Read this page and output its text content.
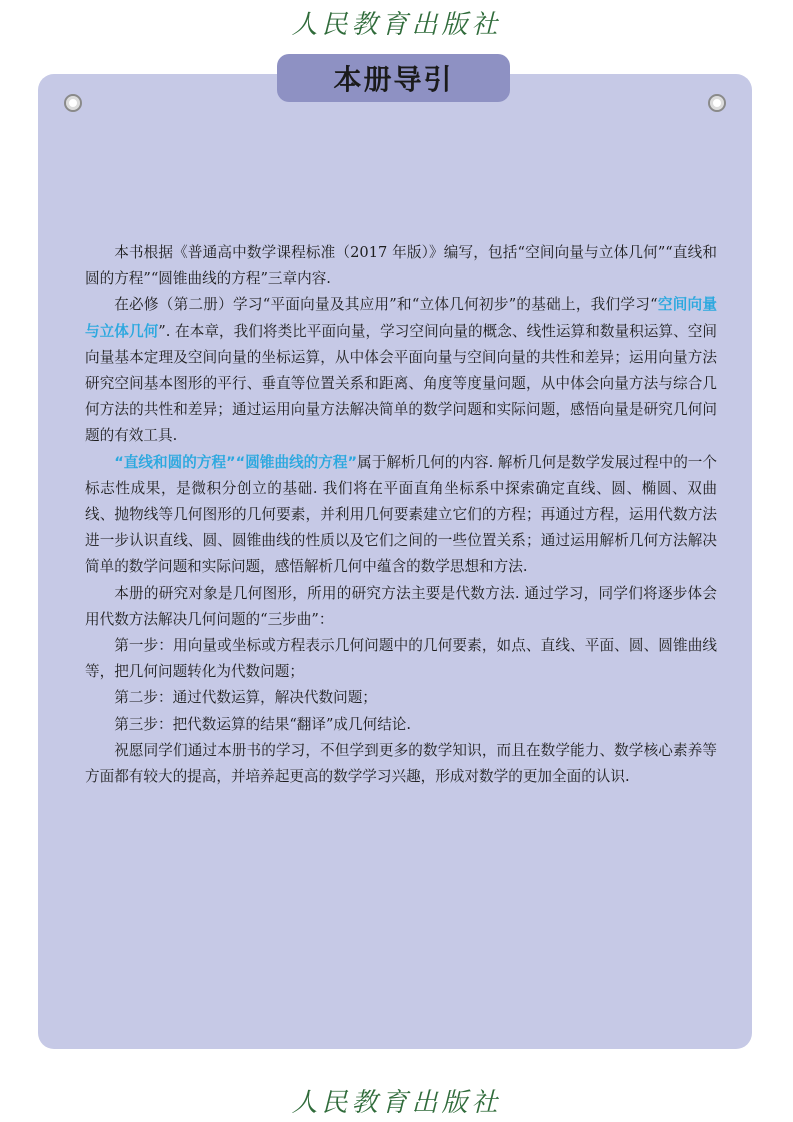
人民教育出版社
本册导引

本书根据《普通高中数学课程标准（2017 年版）》编写，包括“空间向量与立体几何”“直线和圆的方程”“圆锥曲线的方程”三章内容.

在必修（第二册）学习“平面向量及其应用”和“立体几何初步”的基础上，我们学习“空间向量与立体几何”. 在本章，我们将类比平面向量，学习空间向量的概念、线性运算和数量积运算、空间向量基本定理及空间向量的坐标运算，从中体会平面向量与空间向量的共性和差异；运用向量方法研究空间基本图形的平行、垂直等位置关系和距离、角度等度量问题，从中体会向量方法与综合几何方法的共性和差异；通过运用向量方法解决简单的数学问题和实际问题，感悟向量是研究几何问题的有效工具.

“直线和圆的方程”“圆锥曲线的方程”属于解析几何的内容. 解析几何是数学发展过程中的一个标志性成果，是微积分创立的基础. 我们将在平面直角坐标系中探索确定直线、圆、椭圆、双曲线、抛物线等几何图形的几何要素，并利用几何要素建立它们的方程；再通过方程，运用代数方法进一步认识直线、圆、圆锥曲线的性质以及它们之间的一些位置关系；通过运用解析几何方法解决简单的数学问题和实际问题，感悟解析几何中蕴含的数学思想和方法.

本册的研究对象是几何图形，所用的研究方法主要是代数方法. 通过学习，同学们将逐步体会用代数方法解决几何问题的“三步曲”：

第一步：用向量或坐标或方程表示几何问题中的几何要素，如点、直线、平面、圆、圆锥曲线等，把几何问题转化为代数问题；

第二步：通过代数运算，解决代数问题；

第三步：把代数运算的结果“翻译”成几何结论.

祝愿同学们通过本册书的学习，不但学到更多的数学知识，而且在数学能力、数学核心素养等方面都有较大的提高，并培养起更高的数学学习兴趣，形成对数学的更加全面的认识.

人民教育出版社
